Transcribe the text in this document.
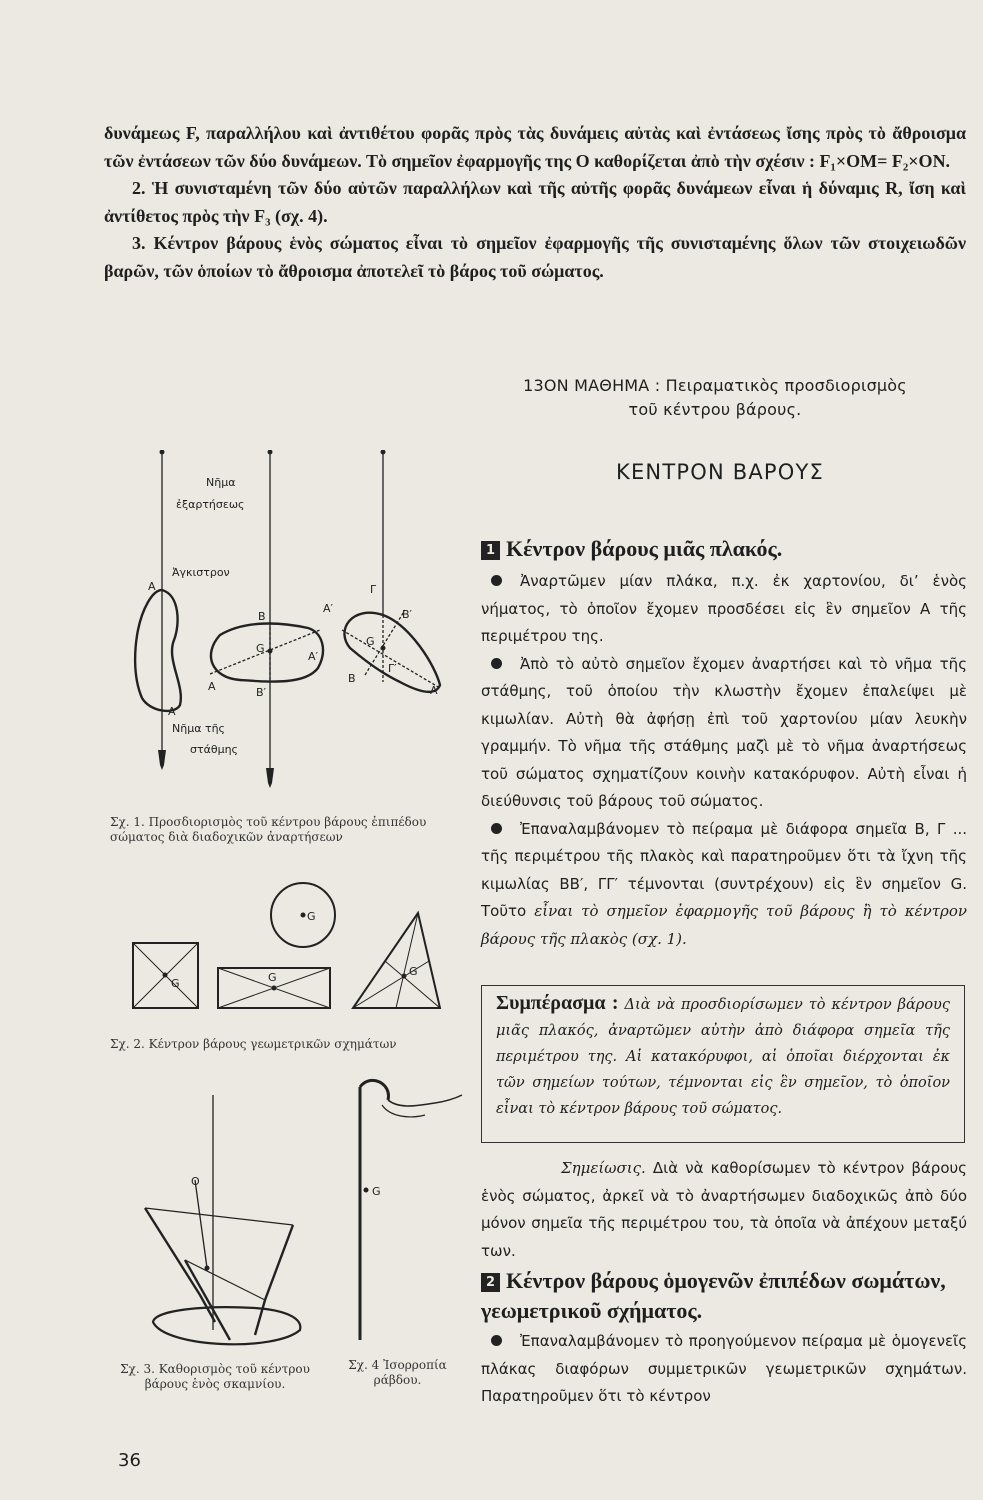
δυνάμεως F, παραλλήλου καὶ ἀντιθέτου φορᾶς πρὸς τὰς δυνάμεις αὐτὰς καὶ ἐντάσεως ἴσης πρὸς τὸ ἄθροισμα τῶν ἐντάσεων τῶν δύο δυνάμεων. Τὸ σημεῖον ἐφαρμογῆς της Ο καθορίζεται ἀπὸ τὴν σχέσιν : F₁×OM= F₂×ON.

2. Ἡ συνισταμένη τῶν δύο αὐτῶν παραλλήλων καὶ τῆς αὐτῆς φορᾶς δυνάμεων εἶναι ἡ δύναμις R, ἴση καὶ ἀντίθετος πρὸς τὴν F₃ (σχ. 4).

3. Κέντρον βάρους ἑνὸς σώματος εἶναι τὸ σημεῖον ἐφαρμογῆς τῆς συνισταμένης ὅλων τῶν στοιχειωδῶν βαρῶν, τῶν ὁποίων τὸ ἄθροισμα ἀποτελεῖ τὸ βάρος τοῦ σώματος.

13ΟΝ ΜΑΘΗΜΑ : Πειραματικὸς προσδιορισμὸς
τοῦ κέντρου βάρους.
ΚΕΝΤΡΟΝ ΒΑΡΟΥΣ
1 Κέντρον βάρους μιᾶς πλακός.

Ἀναρτῶμεν μίαν πλάκα, π.χ. ἐκ χαρτονίου, δι’ ἑνὸς νήματος, τὸ ὁποῖον ἔχομεν προσδέσει εἰς ἓν σημεῖον Α τῆς περιμέτρου της.

Ἀπὸ τὸ αὐτὸ σημεῖον ἔχομεν ἀναρτήσει καὶ τὸ νῆμα τῆς στάθμης, τοῦ ὁποίου τὴν κλωστὴν ἔχομεν ἐπαλείψει μὲ κιμωλίαν. Αὐτὴ θὰ ἀφήσῃ ἐπὶ τοῦ χαρτονίου μίαν λευκὴν γραμμήν. Τὸ νῆμα τῆς στάθμης μαζὶ μὲ τὸ νῆμα ἀναρτήσεως τοῦ σώματος σχηματίζουν κοινὴν κατακόρυφον. Αὐτὴ εἶναι ἡ διεύθυνσις τοῦ βάρους τοῦ σώματος.

Ἐπαναλαμβάνομεν τὸ πείραμα μὲ διάφορα σημεῖα Β, Γ ... τῆς περιμέτρου τῆς πλακὸς καὶ παρατηροῦμεν ὅτι τὰ ἴχνη τῆς κιμωλίας ΒΒ′, ΓΓ′ τέμνονται (συντρέχουν) εἰς ἓν σημεῖον G. Τοῦτο εἶναι τὸ σημεῖον ἐφαρμογῆς τοῦ βάρους ἢ τὸ κέντρον βάρους τῆς πλακὸς (σχ. 1).

Συμπέρασμα : Διὰ νὰ προσδιορίσωμεν τὸ κέντρον βάρους μιᾶς πλακός, ἀναρτῶμεν αὐτὴν ἀπὸ διάφορα σημεῖα τῆς περιμέτρου της. Αἱ κατακόρυφοι, αἱ ὁποῖαι διέρχονται ἐκ τῶν σημείων τούτων, τέμνονται εἰς ἓν σημεῖον, τὸ ὁποῖον εἶναι τὸ κέντρον βάρους τοῦ σώματος.

Σημείωσις. Διὰ νὰ καθορίσωμεν τὸ κέντρον βάρους ἑνὸς σώματος, ἀρκεῖ νὰ τὸ ἀναρτήσωμεν διαδοχικῶς ἀπὸ δύο μόνον σημεῖα τῆς περιμέτρου του, τὰ ὁποῖα νὰ ἀπέχουν μεταξύ των.

2 Κέντρον βάρους ὁμογενῶν ἐπιπέδων σωμάτων, γεωμετρικοῦ σχήματος.

Ἐπαναλαμβάνομεν τὸ προηγούμενον πείραμα μὲ ὁμογενεῖς πλάκας διαφόρων συμμετρικῶν γεωμετρικῶν σχημάτων. Παρατηροῦμεν ὅτι τὸ κέντρον

Νῆμα
ἐξαρτήσεως
Ἀγκιστρον
Νῆμα τῆς
στάθμης
Α
Α′
Β
G
Α′
Α	Β′
Α′
Γ
Β′
G
Γ′
Β
Α
Σχ. 1. Προσδιορισμὸς τοῦ κέντρου βάρους ἐπιπέδου σώματος διὰ διαδοχικῶν ἀναρτήσεων
G
G	G	G
Σχ. 2. Κέντρον βάρους γεωμετρικῶν σχημάτων
Ο
Σχ. 3. Καθορισμὸς τοῦ κέντρου βάρους ἑνὸς σκαμνίου.
G
Σχ. 4 Ἰσορροπία ράβδου.
36
